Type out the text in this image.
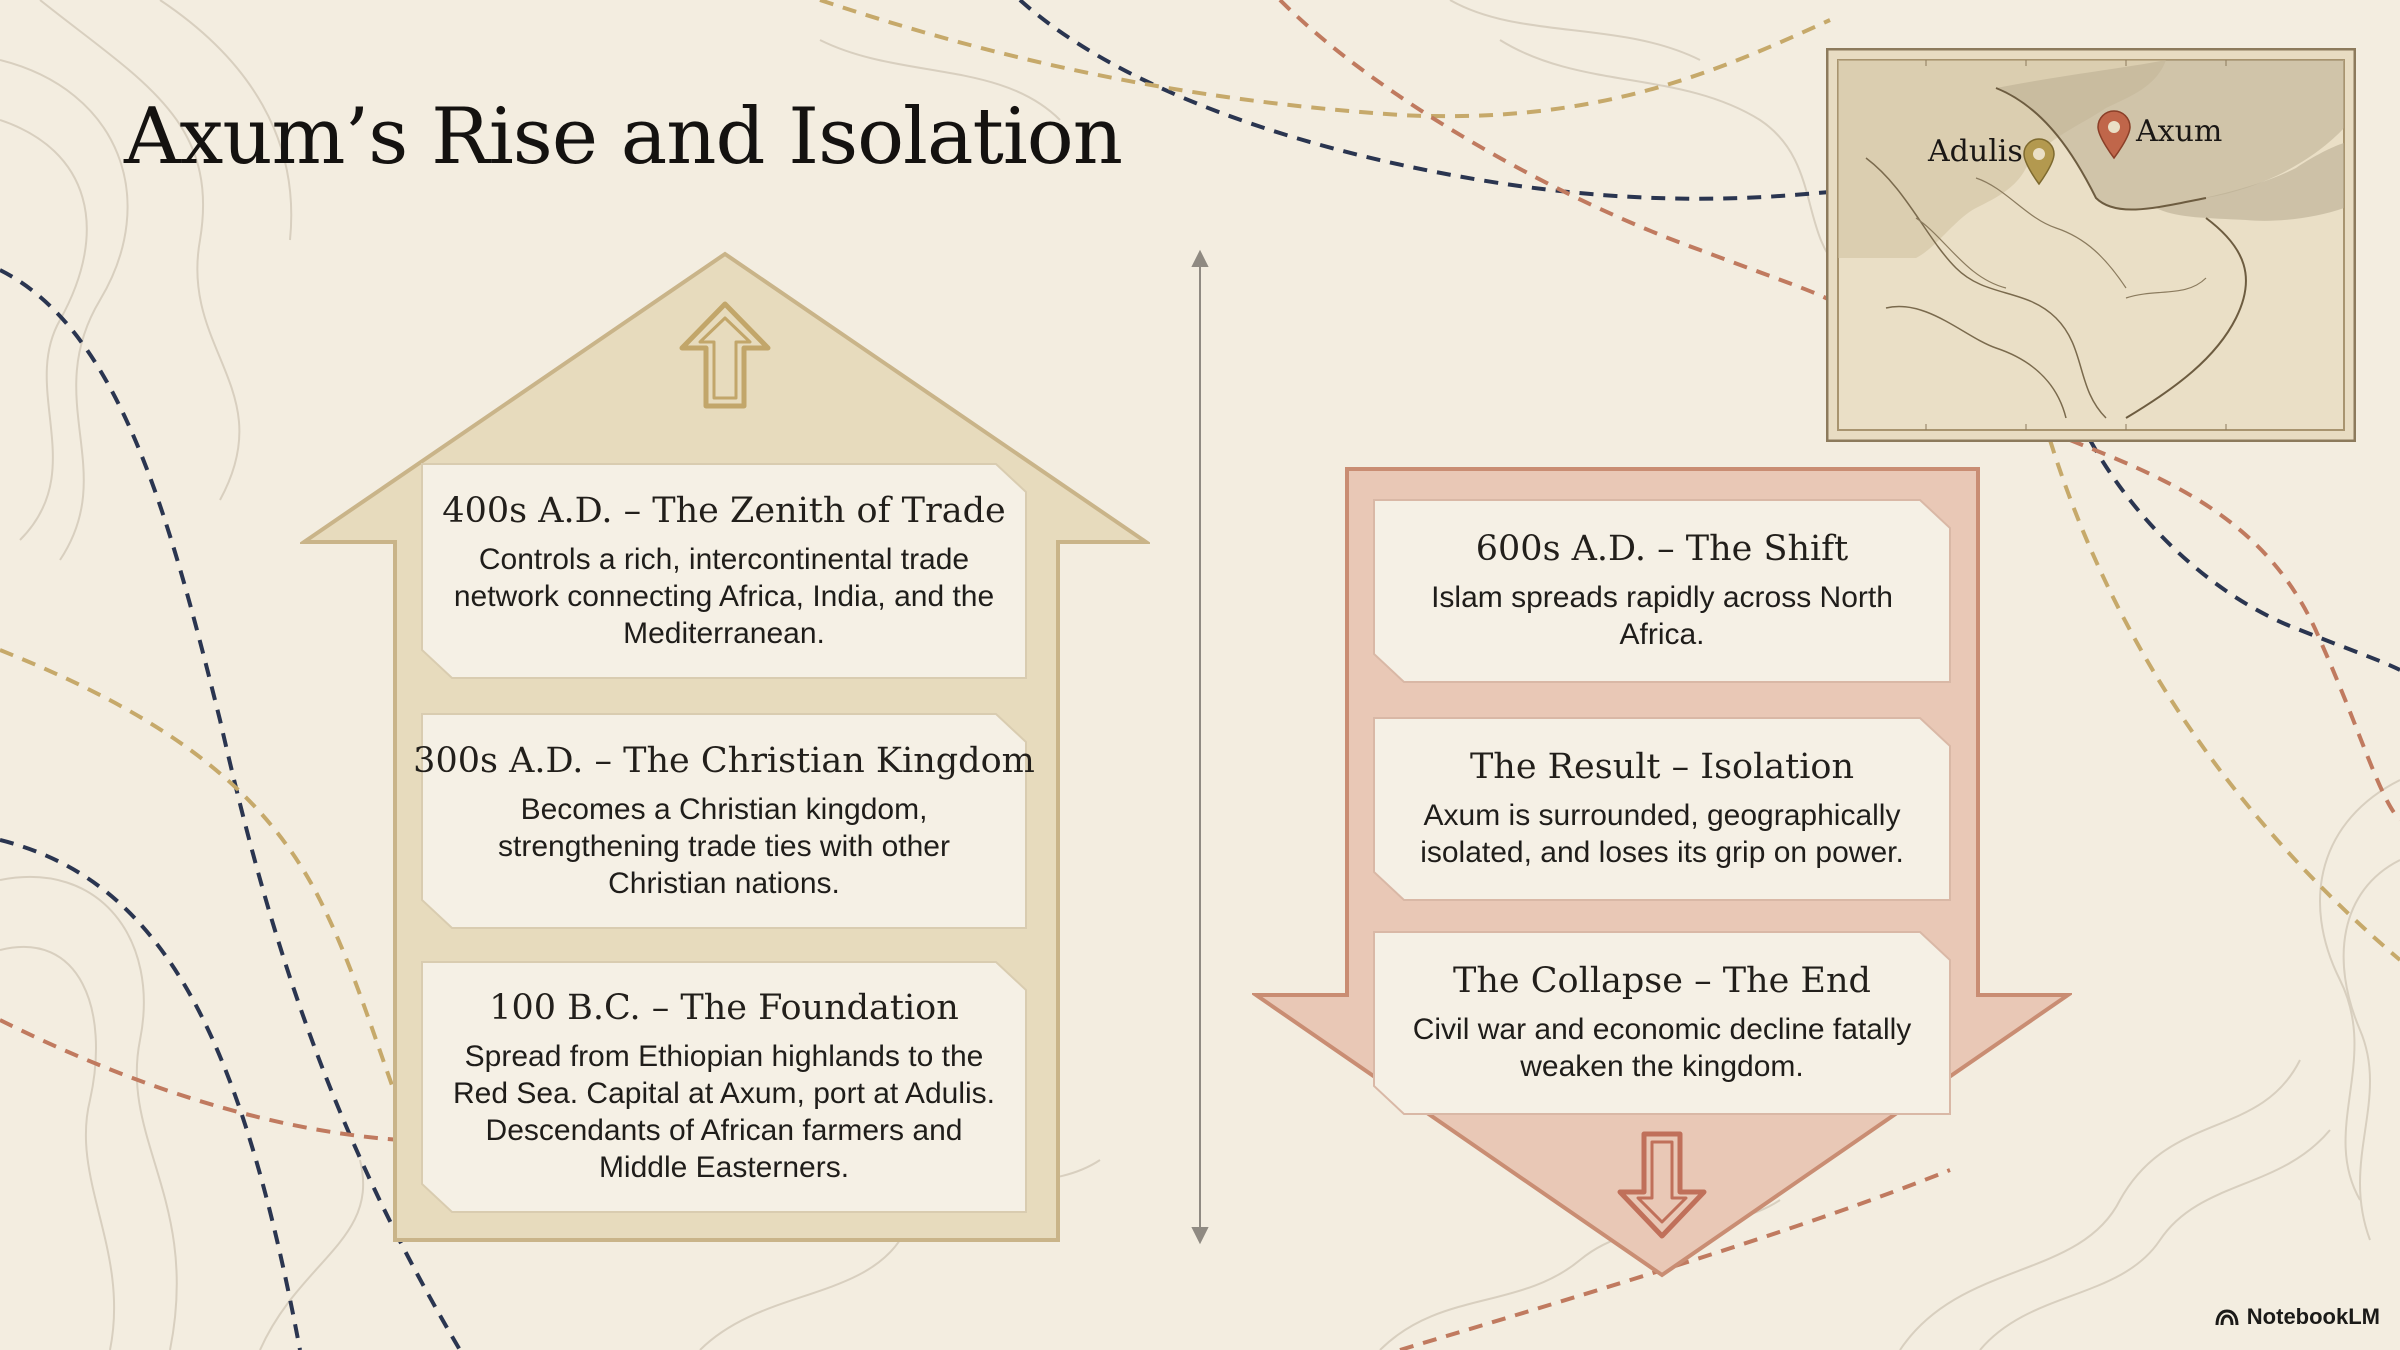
Axum’s Rise and Isolation
400s A.D. – The Zenith of Trade
Controls a rich, intercontinental trade network connecting Africa, India, and the Mediterranean.
300s A.D. – The Christian Kingdom
Becomes a Christian kingdom, strengthening trade ties with other Christian nations.
100 B.C. – The Foundation
Spread from Ethiopian highlands to the Red Sea. Capital at Axum, port at Adulis. Descendants of African farmers and Middle Easterners.
600s A.D. – The Shift
Islam spreads rapidly across North Africa.
The Result – Isolation
Axum is surrounded, geographically isolated, and loses its grip on power.
The Collapse – The End
Civil war and economic decline fatally weaken the kingdom.
Adulis
Axum
NotebookLM
